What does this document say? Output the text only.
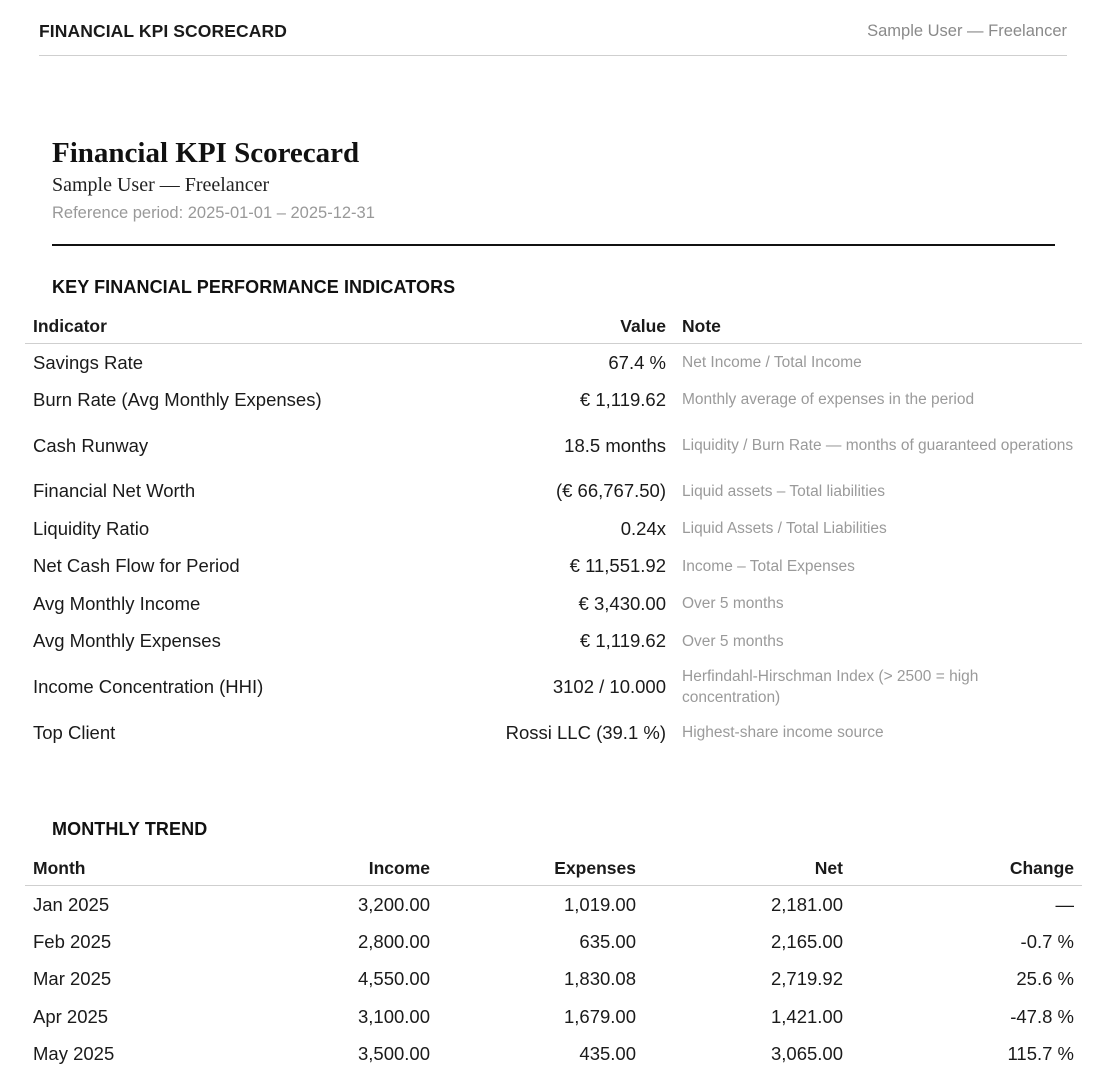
FINANCIAL KPI SCORECARD	Sample User — Freelancer
Financial KPI Scorecard
Sample User — Freelancer
Reference period: 2025-01-01 – 2025-12-31
KEY FINANCIAL PERFORMANCE INDICATORS
Indicator	Value	Note
Savings Rate	67.4 %	Net Income / Total Income
Burn Rate (Avg Monthly Expenses)	€ 1,119.62	Monthly average of expenses in the period
Cash Runway	18.5 months	Liquidity / Burn Rate — months of guaranteed operations
Financial Net Worth	(€ 66,767.50)	Liquid assets – Total liabilities
Liquidity Ratio	0.24x	Liquid Assets / Total Liabilities
Net Cash Flow for Period	€ 11,551.92	Income – Total Expenses
Avg Monthly Income	€ 3,430.00	Over 5 months
Avg Monthly Expenses	€ 1,119.62	Over 5 months
Income Concentration (HHI)	3102 / 10.000	Herfindahl-Hirschman Index (> 2500 = high concentration)
Top Client	Rossi LLC (39.1 %)	Highest-share income source
MONTHLY TREND
Month	Income	Expenses	Net	Change
Jan 2025	3,200.00	1,019.00	2,181.00	—
Feb 2025	2,800.00	635.00	2,165.00	-0.7 %
Mar 2025	4,550.00	1,830.08	2,719.92	25.6 %
Apr 2025	3,100.00	1,679.00	1,421.00	-47.8 %
May 2025	3,500.00	435.00	3,065.00	115.7 %
